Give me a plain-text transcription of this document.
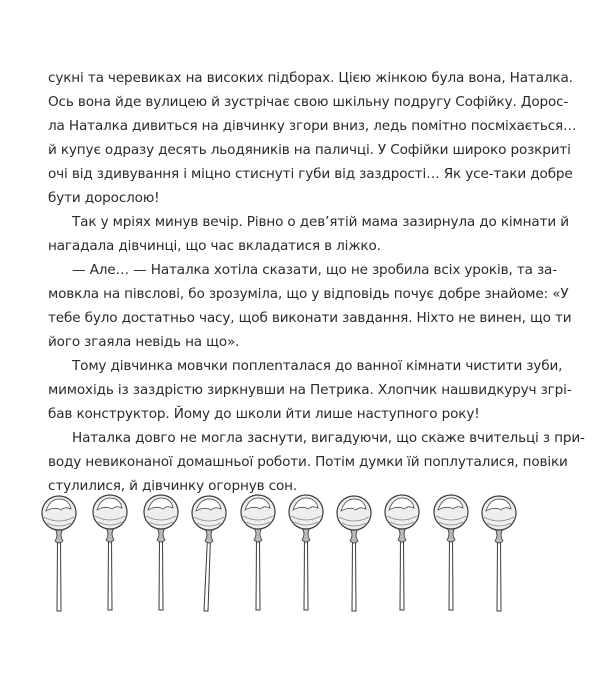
сукні та черевиках на високих підборах. Цією жінкою була вона, Наталка.
Ось вона йде вулицею й зустрічає свою шкільну подругу Софійку. Дорос-
ла Наталка дивиться на дівчинку згори вниз, ледь помітно посміхається…
й купує одразу десять льодяників на паличці. У Софійки широко розкриті
очі від здивування і міцно стиснуті губи від заздрості… Як усе-таки добре
бути дорослою!
Так у мріях минув вечір. Рівно о дев’ятій мама зазирнула до кімнати й
нагадала дівчинці, що час вкладатися в ліжко.
— Але… — Наталка хотіла сказати, що не зробила всіх уроків, та за-
мовкла на півслові, бо зрозуміла, що у відповідь почує добре знайоме: «У
тебе було достатньо часу, щоб виконати завдання. Ніхто не винен, що ти
його згаяла невідь на що».
Тому дівчинка мовчки поплenталася до ванної кімнати чистити зуби,
мимохідь із заздрістю зиркнувши на Петрика. Хлопчик нашвидкуруч згрі-
бав конструктор. Йому до школи йти лише наступного року!
Наталка довго не могла заснути, вигадуючи, що скаже вчительці з при-
воду невиконаної домашньої роботи. Потім думки їй поплуталися, повіки
стулилися, й дівчинку огорнув сон.
